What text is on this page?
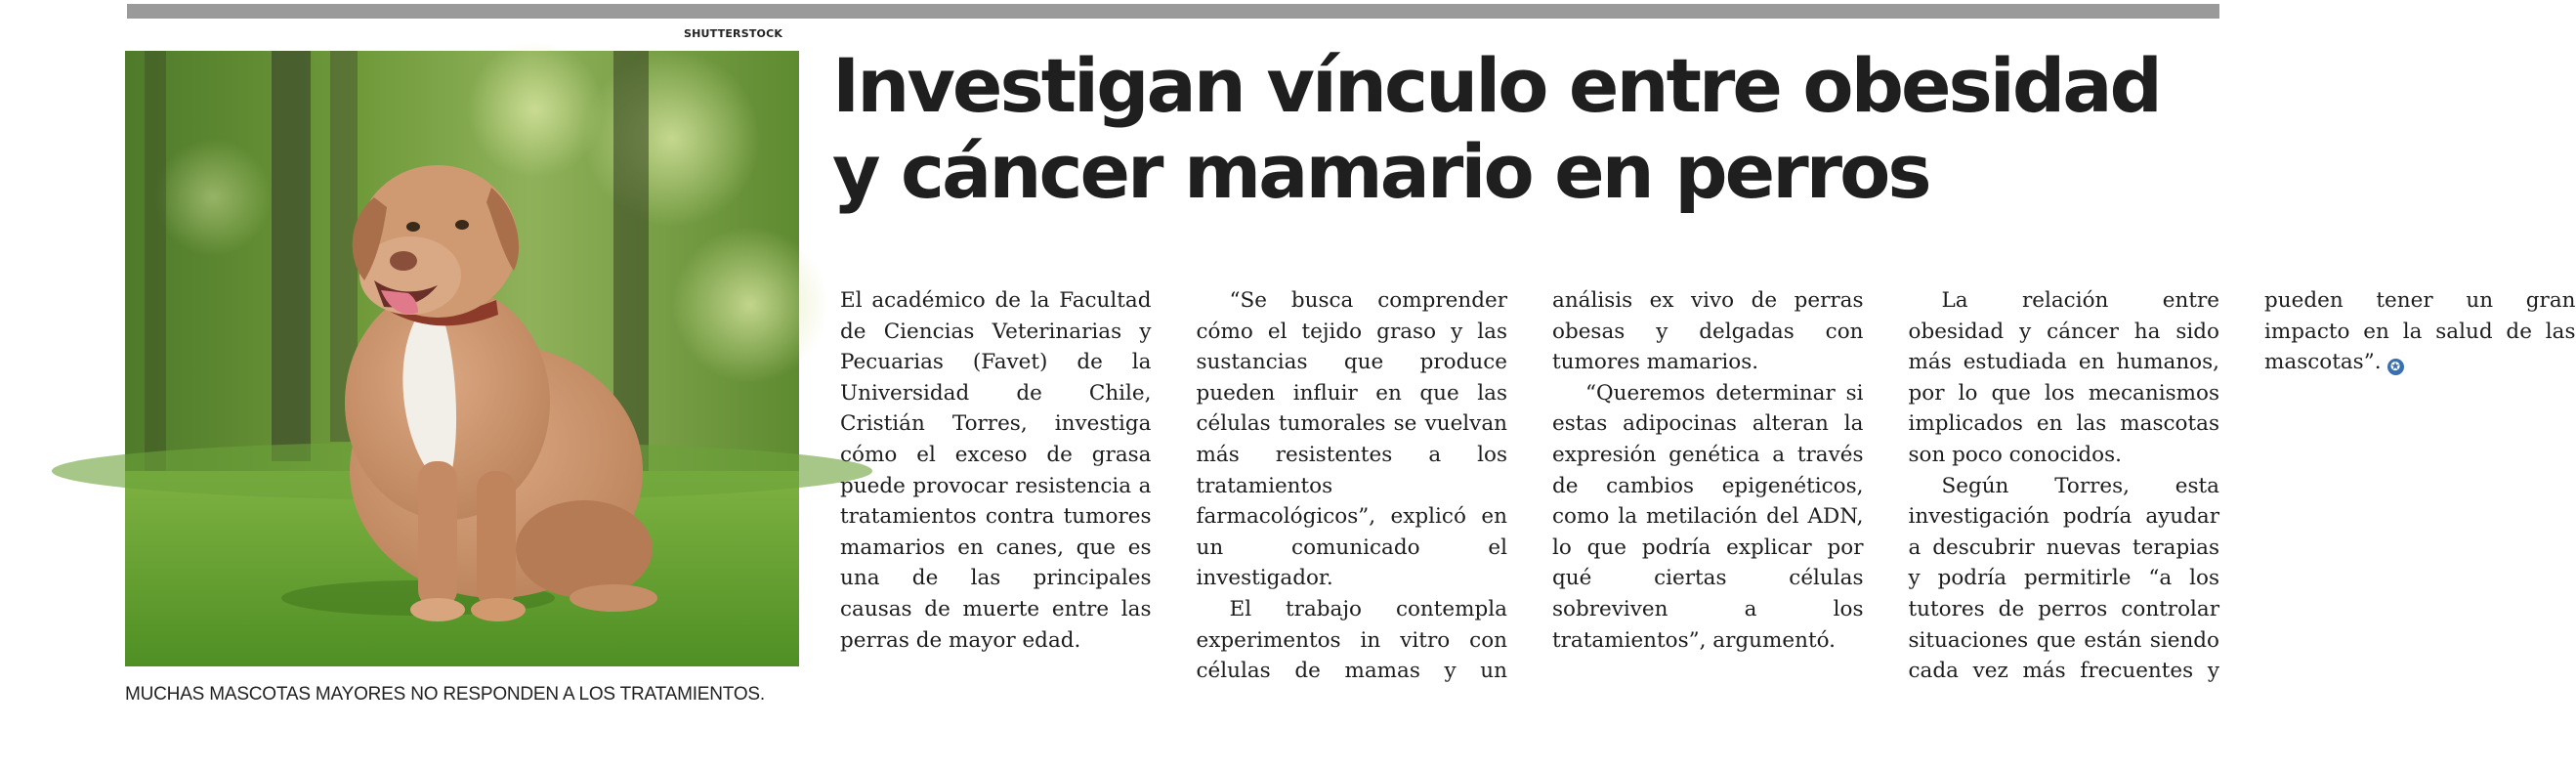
SHUTTERSTOCK
MUCHAS MASCOTAS MAYORES NO RESPONDEN A LOS TRATAMIENTOS.
Investigan vínculo entre obesidad
y cáncer mamario en perros

El académico de la Facultad de Ciencias Veterinarias y Pecuarias (Favet) de la Universidad de Chile, Cristián Torres, investiga cómo el exceso de grasa puede provocar resistencia a tratamientos contra tumores mamarios en canes, que es una de las principales causas de muerte entre las perras de mayor edad.

“Se busca comprender cómo el tejido graso y las sustancias que produce pueden influir en que las células tumorales se vuelvan más resistentes a los tratamientos farmacológicos”, explicó en un comunicado el investigador.

El trabajo contempla experimentos in vitro con células de mamas y un análisis ex vivo de perras obesas y delgadas con tumores mamarios.

“Queremos determinar si estas adipocinas alteran la expresión genética a través de cambios epigenéticos, como la metilación del ADN, lo que podría explicar por qué ciertas células sobreviven a los tratamientos”, argumentó.

La relación entre obesidad y cáncer ha sido más estudiada en humanos, por lo que los mecanismos implicados en las mascotas son poco conocidos.

Según Torres, esta investigación podría ayudar a descubrir nuevas terapias y podría permitirle “a los tutores de perros controlar situaciones que están siendo cada vez más frecuentes y pueden tener un gran impacto en la salud de las mascotas”. ✪
